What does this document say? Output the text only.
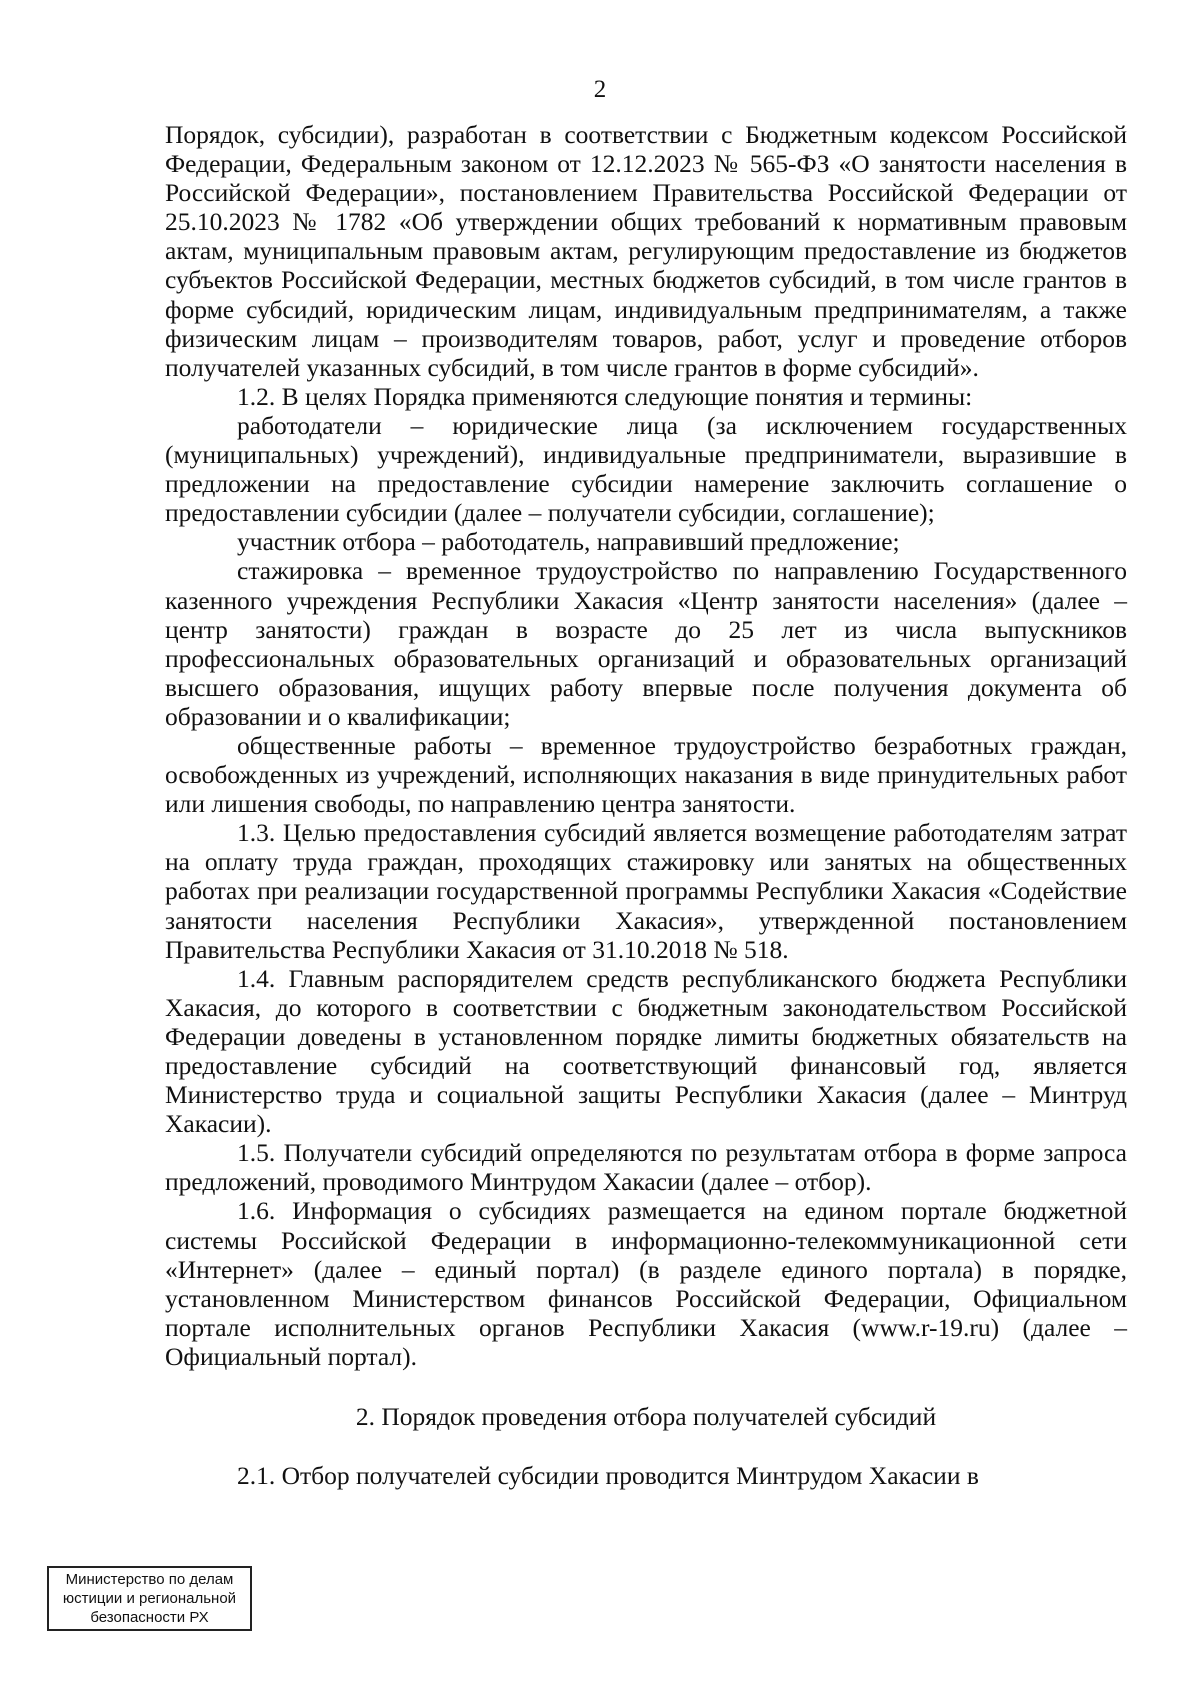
2

Порядок, субсидии), разработан в соответствии с Бюджетным кодексом Российской Федерации, Федеральным законом от 12.12.2023 № 565-ФЗ «О занятости населения в Российской Федерации», постановлением Правительства Российской Федерации от 25.10.2023 № 1782 «Об утверждении общих требований к нормативным правовым актам, муниципальным правовым актам, регулирующим предоставление из бюджетов субъектов Российской Федерации, местных бюджетов субсидий, в том числе грантов в форме субсидий, юридическим лицам, индивидуальным предпринимателям, а также физическим лицам – производителям товаров, работ, услуг и проведение отборов получателей указанных субсидий, в том числе грантов в форме субсидий».

1.2. В целях Порядка применяются следующие понятия и термины:

работодатели – юридические лица (за исключением государственных (муниципальных) учреждений), индивидуальные предприниматели, выразившие в предложении на предоставление субсидии намерение заключить соглашение о предоставлении субсидии (далее – получатели субсидии, соглашение);

участник отбора – работодатель, направивший предложение;

стажировка – временное трудоустройство по направлению Государственного казенного учреждения Республики Хакасия «Центр занятости населения» (далее – центр занятости) граждан в возрасте до 25 лет из числа выпускников профессиональных образовательных организаций и образовательных организаций высшего образования, ищущих работу впервые после получения документа об образовании и о квалификации;

общественные работы – временное трудоустройство безработных граждан, освобожденных из учреждений, исполняющих наказания в виде принудительных работ или лишения свободы, по направлению центра занятости.

1.3. Целью предоставления субсидий является возмещение работодателям затрат на оплату труда граждан, проходящих стажировку или занятых на общественных работах при реализации государственной программы Республики Хакасия «Содействие занятости населения Республики Хакасия», утвержденной постановлением Правительства Республики Хакасия от 31.10.2018 № 518.

1.4. Главным распорядителем средств республиканского бюджета Республики Хакасия, до которого в соответствии с бюджетным законодательством Российской Федерации доведены в установленном порядке лимиты бюджетных обязательств на предоставление субсидий на соответствующий финансовый год, является Министерство труда и социальной защиты Республики Хакасия (далее – Минтруд Хакасии).

1.5. Получатели субсидий определяются по результатам отбора в форме запроса предложений, проводимого Минтрудом Хакасии (далее – отбор).

1.6. Информация о субсидиях размещается на едином портале бюджетной системы Российской Федерации в информационно-телекоммуникационной сети «Интернет» (далее – единый портал) (в разделе единого портала) в порядке, установленном Министерством финансов Российской Федерации, Официальном портале исполнительных органов Республики Хакасия (www.r-19.ru) (далее – Официальный портал).

2. Порядок проведения отбора получателей субсидий

2.1. Отбор получателей субсидии проводится Минтрудом Хакасии в

Министерство по делам
юстиции и региональной
безопасности РХ
